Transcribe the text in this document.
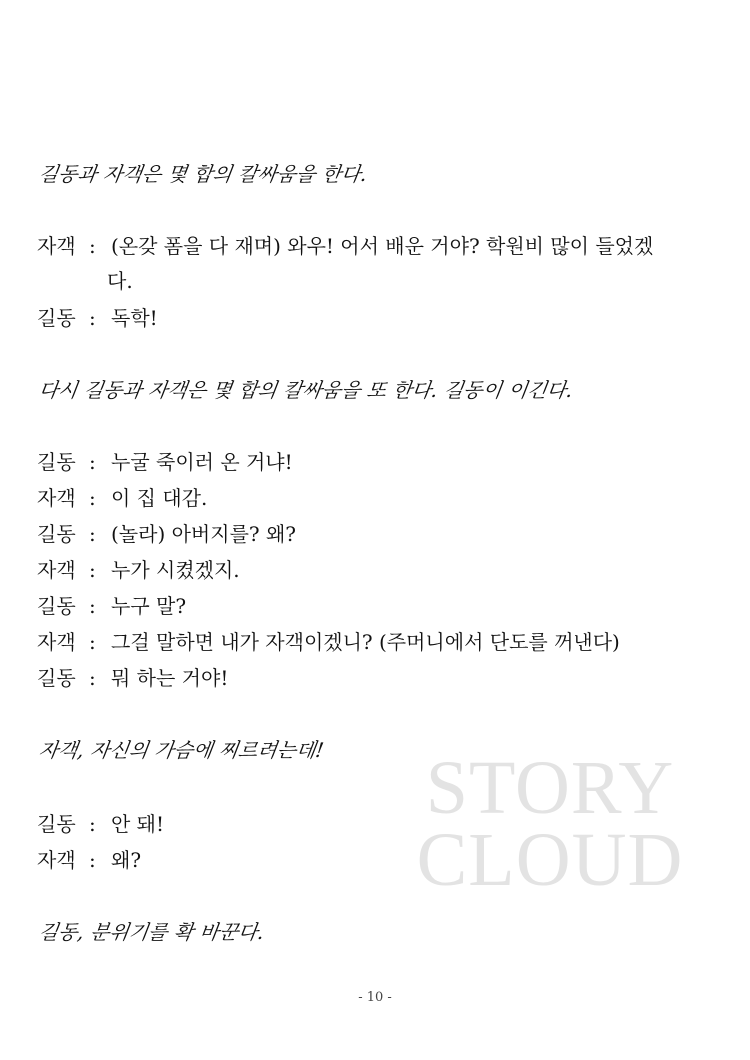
길동과 자객은 몇 합의 칼싸움을 한다.
자객 : (온갖 폼을 다 재며) 와우! 어서 배운 거야? 학원비 많이 들었겠
다.
길동 : 독학!
다시 길동과 자객은 몇 합의 칼싸움을 또 한다. 길동이 이긴다.
길동 : 누굴 죽이러 온 거냐!
자객 : 이 집 대감.
길동 : (놀라) 아버지를? 왜?
자객 : 누가 시켰겠지.
길동 : 누구 말?
자객 : 그걸 말하면 내가 자객이겠니? (주머니에서 단도를 꺼낸다)
길동 : 뭐 하는 거야!
자객, 자신의 가슴에 찌르려는데!
길동 : 안 돼!
자객 : 왜?
길동, 분위기를 확 바꾼다.
STORY
CLOUD
- 10 -
